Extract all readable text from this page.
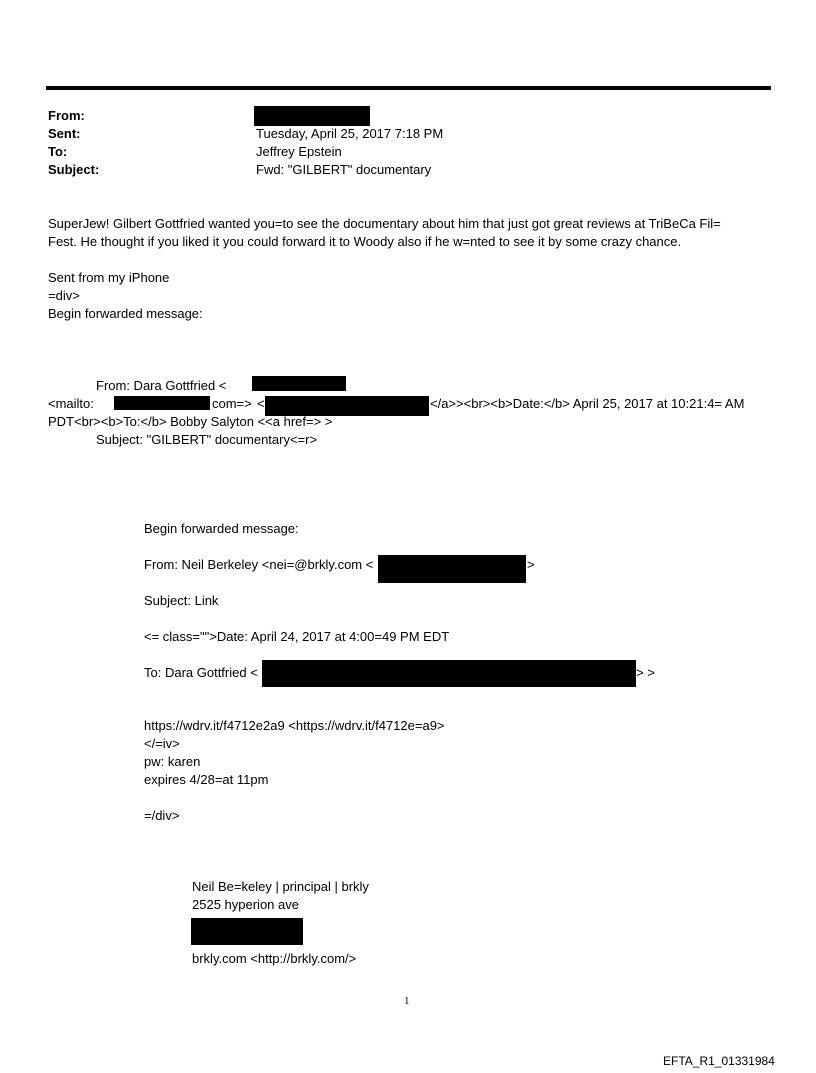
From:
Sent:	Tuesday, April 25, 2017 7:18 PM
To:	Jeffrey Epstein
Subject:	Fwd: "GILBERT" documentary
SuperJew! Gilbert Gottfried wanted you=to see the documentary about him that just got great reviews at TriBeCa Fil=
Fest. He thought if you liked it you could forward it to Woody also if he w=nted to see it by some crazy chance.
Sent from my iPhone
=div>
Begin forwarded message:
From: Dara Gottfried <
<mailto:	com=> <	</a>><br><b>Date:</b> April 25, 2017 at 10:21:4= AM
PDT<br><b>To:</b> Bobby Salyton <<a href=> >
Subject: "GILBERT" documentary<=r>
Begin forwarded message:
From: Neil Berkeley <nei=@brkly.com <	>
Subject: Link
<= class="">Date: April 24, 2017 at 4:00=49 PM EDT
To: Dara Gottfried <	> >
https://wdrv.it/f4712e2a9 <https://wdrv.it/f4712e=a9>
</=iv>
pw: karen
expires 4/28=at 11pm
=/div>
Neil Be=keley | principal | brkly
2525 hyperion ave
brkly.com <http://brkly.com/>
1
EFTA_R1_01331984
